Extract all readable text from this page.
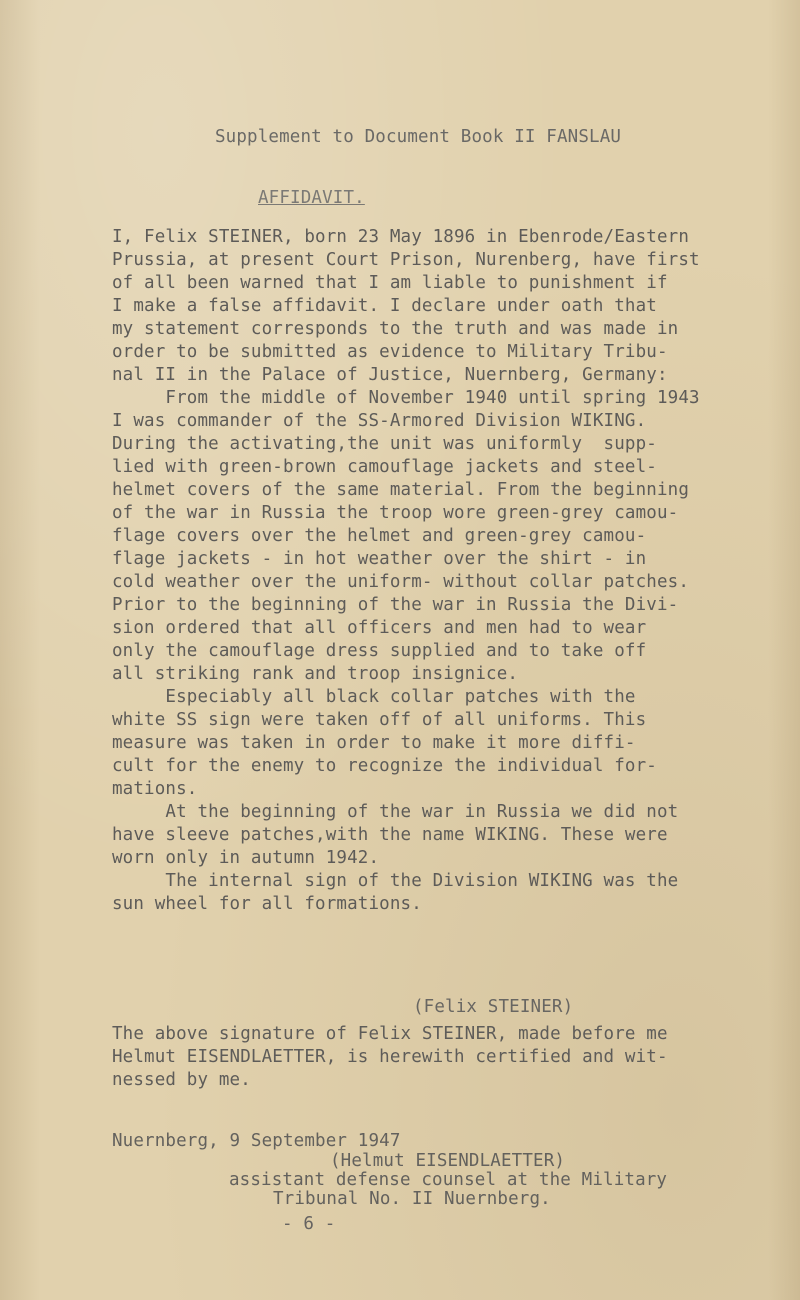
Supplement to Document Book II FANSLAU
AFFIDAVIT.
I, Felix STEINER, born 23 May 1896 in Ebenrode/Eastern
Prussia, at present Court Prison, Nurenberg, have first
of all been warned that I am liable to punishment if
I make a false affidavit. I declare under oath that
my statement corresponds to the truth and was made in
order to be submitted as evidence to Military Tribu-
nal II in the Palace of Justice, Nuernberg, Germany:
From the middle of November 1940 until spring 1943
I was commander of the SS-Armored Division WIKING.
During the activating,the unit was uniformly  supp-
lied with green-brown camouflage jackets and steel-
helmet covers of the same material. From the beginning
of the war in Russia the troop wore green-grey camou-
flage covers over the helmet and green-grey camou-
flage jackets - in hot weather over the shirt - in
cold weather over the uniform- without collar patches.
Prior to the beginning of the war in Russia the Divi-
sion ordered that all officers and men had to wear
only the camouflage dress supplied and to take off
all striking rank and troop insignice.
Especiably all black collar patches with the
white SS sign were taken off of all uniforms. This
measure was taken in order to make it more diffi-
cult for the enemy to recognize the individual for-
mations.
At the beginning of the war in Russia we did not
have sleeve patches,with the name WIKING. These were
worn only in autumn 1942.
The internal sign of the Division WIKING was the
sun wheel for all formations.
(Felix STEINER)
The above signature of Felix STEINER, made before me
Helmut EISENDLAETTER, is herewith certified and wit-
nessed by me.
Nuernberg, 9 September 1947
(Helmut EISENDLAETTER)
assistant defense counsel at the Military
Tribunal No. II Nuernberg.
- 6 -
